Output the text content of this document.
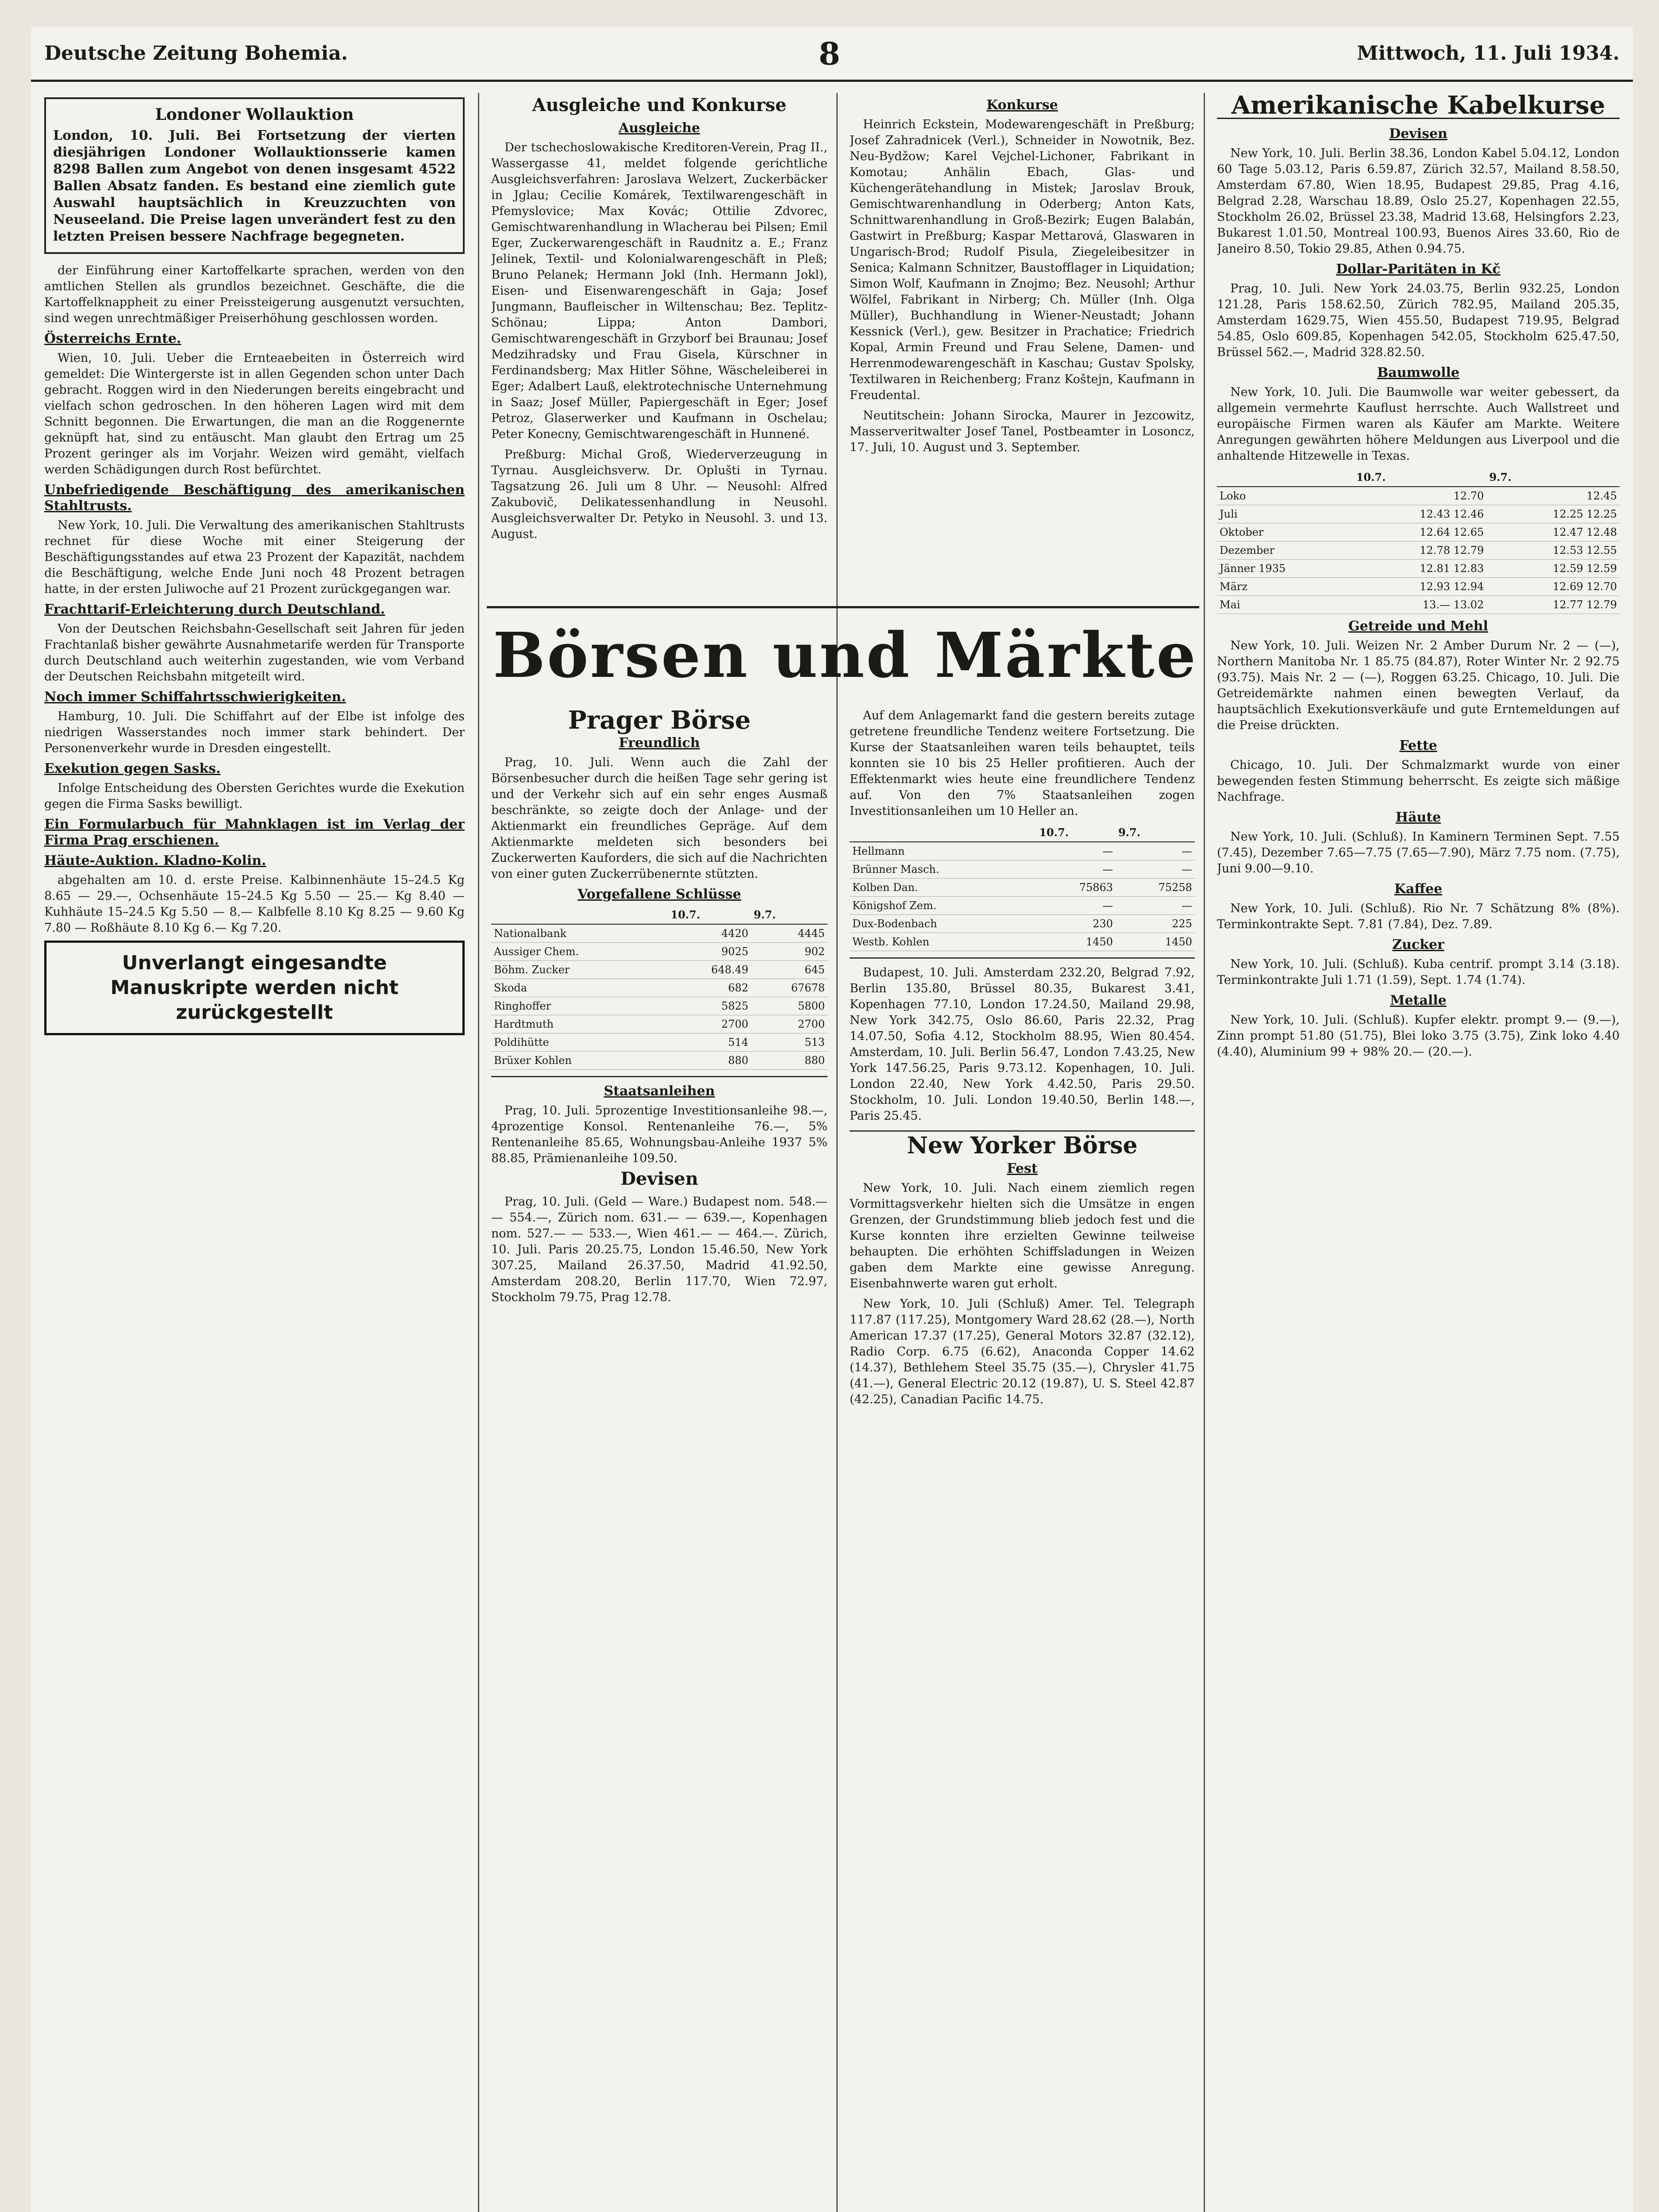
Deutsche Zeitung Bohemia.	8	Mittwoch, 11. Juli 1934.
Londoner Wollauktion
London, 10. Juli. Bei Fortsetzung der vierten diesjährigen Londoner Wollauktionsserie kamen 8298 Ballen zum Angebot von denen insgesamt 4522 Ballen Absatz fanden. Es bestand eine ziemlich gute Auswahl hauptsächlich in Kreuzzuchten von Neuseeland. Die Preise lagen unverändert fest zu den letzten Preisen bessere Nachfrage begegneten.

der Einführung einer Kartoffelkarte sprachen, werden von den amtlichen Stellen als grundlos bezeichnet. Geschäfte, die die Kartoffelknappheit zu einer Preissteigerung ausgenutzt versuchten, sind wegen unrechtmäßiger Preiserhöhung geschlossen worden.

Österreichs Ernte.

Wien, 10. Juli. Ueber die Ernteaebeiten in Österreich wird gemeldet: Die Wintergerste ist in allen Gegenden schon unter Dach gebracht. Roggen wird in den Niederungen bereits eingebracht und vielfach schon gedroschen. In den höheren Lagen wird mit dem Schnitt begonnen. Die Erwartungen, die man an die Roggenernte geknüpft hat, sind zu entäuscht. Man glaubt den Ertrag um 25 Prozent geringer als im Vorjahr. Weizen wird gemäht, vielfach werden Schädigungen durch Rost befürchtet.

Unbefriedigende Beschäftigung des amerikanischen Stahltrusts.

New York, 10. Juli. Die Verwaltung des amerikanischen Stahltrusts rechnet für diese Woche mit einer Steigerung der Beschäftigungsstandes auf etwa 23 Prozent der Kapazität, nachdem die Beschäftigung, welche Ende Juni noch 48 Prozent betragen hatte, in der ersten Juliwoche auf 21 Prozent zurückgegangen war.

Frachttarif-Erleichterung durch Deutschland.

Von der Deutschen Reichsbahn-Gesellschaft seit Jahren für jeden Frachtanlaß bisher gewährte Ausnahmetarife werden für Transporte durch Deutschland auch weiterhin zugestanden, wie vom Verband der Deutschen Reichsbahn mitgeteilt wird.

Noch immer Schiffahrtsschwierigkeiten.

Hamburg, 10. Juli. Die Schiffahrt auf der Elbe ist infolge des niedrigen Wasserstandes noch immer stark behindert. Der Personenverkehr wurde in Dresden eingestellt.

Exekution gegen Sasks.

Infolge Entscheidung des Obersten Gerichtes wurde die Exekution gegen die Firma Sasks bewilligt.

Ein Formularbuch für Mahnklagen ist im Verlag der Firma Prag erschienen.
Häute-Auktion. Kladno-Kolin.

abgehalten am 10. d. erste Preise. Kalbinnenhäute 15–24.5 Kg 8.65 — 29.—, Ochsenhäute 15–24.5 Kg 5.50 — 25.— Kg 8.40 — Kuhhäute 15–24.5 Kg 5.50 — 8.— Kalbfelle 8.10 Kg 8.25 — 9.60 Kg 7.80 — Roßhäute 8.10 Kg 6.— Kg 7.20.

Unverlangt eingesandte Manuskripte werden nicht zurückgestellt
Ausgleiche und Konkurse
Ausgleiche

Der tschechoslowakische Kreditoren-Verein, Prag II., Wassergasse 41, meldet folgende gerichtliche Ausgleichsverfahren: Jaroslava Welzert, Zuckerbäcker in Jglau; Cecilie Komárek, Textilwarengeschäft in Pfemyslovice; Max Kovác; Ottilie Zdvorec, Gemischtwarenhandlung in Wlacherau bei Pilsen; Emil Eger, Zuckerwarengeschäft in Raudnitz a. E.; Franz Jelinek, Textil- und Kolonialwarengeschäft in Pleß; Bruno Pelanek; Hermann Jokl (Inh. Hermann Jokl), Eisen- und Eisenwarengeschäft in Gaja; Josef Jungmann, Baufleischer in Wiltenschau; Bez. Teplitz-Schönau; Lippa; Anton Dambori, Gemischtwarengeschäft in Grzyborf bei Braunau; Josef Medzihradsky und Frau Gisela, Kürschner in Ferdinandsberg; Max Hitler Söhne, Wäscheleiberei in Eger; Adalbert Lauß, elektrotechnische Unternehmung in Saaz; Josef Müller, Papiergeschäft in Eger; Josef Petroz, Glaserwerker und Kaufmann in Oschelau; Peter Konecny, Gemischtwarengeschäft in Hunnené.

Preßburg: Michal Groß, Wiederverzeugung in Tyrnau. Ausgleichsverw. Dr. Oplušti in Tyrnau. Tagsatzung 26. Juli um 8 Uhr. — Neusohl: Alfred Zakubovič, Delikatessenhandlung in Neusohl. Ausgleichsverwalter Dr. Petyko in Neusohl. 3. und 13. August.

Konkurse

Heinrich Eckstein, Modewarengeschäft in Preßburg; Josef Zahradnicek (Verl.), Schneider in Nowotnik, Bez. Neu-Bydžow; Karel Vejchel-Lichoner, Fabrikant in Komotau; Anhälin Ebach, Glas- und Küchengerätehandlung in Mistek; Jaroslav Brouk, Gemischtwarenhandlung in Oderberg; Anton Kats, Schnittwarenhandlung in Groß-Bezirk; Eugen Balabán, Gastwirt in Preßburg; Kaspar Mettarová, Glaswaren in Ungarisch-Brod; Rudolf Pisula, Ziegeleibesitzer in Senica; Kalmann Schnitzer, Baustofflager in Liquidation; Simon Wolf, Kaufmann in Znojmo; Bez. Neusohl; Arthur Wölfel, Fabrikant in Nirberg; Ch. Müller (Inh. Olga Müller), Buchhandlung in Wiener-Neustadt; Johann Kessnick (Verl.), gew. Besitzer in Prachatice; Friedrich Kopal, Armin Freund und Frau Selene, Damen- und Herrenmodewarengeschäft in Kaschau; Gustav Spolsky, Textilwaren in Reichenberg; Franz Koštejn, Kaufmann in Freudental.

Neutitschein: Johann Sirocka, Maurer in Jezcowitz, Masserveritwalter Josef Tanel, Postbeamter in Losoncz, 17. Juli, 10. August und 3. September.

Amerikanische Kabelkurse
Devisen

New York, 10. Juli. Berlin 38.36, London Kabel 5.04.12, London 60 Tage 5.03.12, Paris 6.59.87, Zürich 32.57, Mailand 8.58.50, Amsterdam 67.80, Wien 18.95, Budapest 29.85, Prag 4.16, Belgrad 2.28, Warschau 18.89, Oslo 25.27, Kopenhagen 22.55, Stockholm 26.02, Brüssel 23.38, Madrid 13.68, Helsingfors 2.23, Bukarest 1.01.50, Montreal 100.93, Buenos Aires 33.60, Rio de Janeiro 8.50, Tokio 29.85, Athen 0.94.75.

Dollar-Paritäten in Kč

Prag, 10. Juli. New York 24.03.75, Berlin 932.25, London 121.28, Paris 158.62.50, Zürich 782.95, Mailand 205.35, Amsterdam 1629.75, Wien 455.50, Budapest 719.95, Belgrad 54.85, Oslo 609.85, Kopenhagen 542.05, Stockholm 625.47.50, Brüssel 562.—, Madrid 328.82.50.

Baumwolle

New York, 10. Juli. Die Baumwolle war weiter gebessert, da allgemein vermehrte Kauflust herrschte. Auch Wallstreet und europäische Firmen waren als Käufer am Markte. Weitere Anregungen gewährten höhere Meldungen aus Liverpool und die anhaltende Hitzewelle in Texas.

	10.7.	9.7.
Loko	12.70	12.45
Juli	12.43 12.46	12.25 12.25
Oktober	12.64 12.65	12.47 12.48
Dezember	12.78 12.79	12.53 12.55
Jänner 1935	12.81 12.83	12.59 12.59
März	12.93 12.94	12.69 12.70
Mai	13.— 13.02	12.77 12.79
Getreide und Mehl

New York, 10. Juli. Weizen Nr. 2 Amber Durum Nr. 2 — (—), Northern Manitoba Nr. 1 85.75 (84.87), Roter Winter Nr. 2 92.75 (93.75). Mais Nr. 2 — (—), Roggen 63.25. Chicago, 10. Juli. Die Getreidemärkte nahmen einen bewegten Verlauf, da hauptsächlich Exekutionsverkäufe und gute Erntemeldungen auf die Preise drückten.

Fette

Chicago, 10. Juli. Der Schmalzmarkt wurde von einer bewegenden festen Stimmung beherrscht. Es zeigte sich mäßige Nachfrage.

Häute

New York, 10. Juli. (Schluß). In Kaminern Terminen Sept. 7.55 (7.45), Dezember 7.65—7.75 (7.65—7.90), März 7.75 nom. (7.75), Juni 9.00—9.10.

Kaffee

New York, 10. Juli. (Schluß). Rio Nr. 7 Schätzung 8% (8%). Terminkontrakte Sept. 7.81 (7.84), Dez. 7.89.

Zucker

New York, 10. Juli. (Schluß). Kuba centrif. prompt 3.14 (3.18). Terminkontrakte Juli 1.71 (1.59), Sept. 1.74 (1.74).

Metalle

New York, 10. Juli. (Schluß). Kupfer elektr. prompt 9.— (9.—), Zinn prompt 51.80 (51.75), Blei loko 3.75 (3.75), Zink loko 4.40 (4.40), Aluminium 99 + 98% 20.— (20.—).

Börsen und Märkte
Prager Börse
Freundlich

Prag, 10. Juli. Wenn auch die Zahl der Börsenbesucher durch die heißen Tage sehr gering ist und der Verkehr sich auf ein sehr enges Ausmaß beschränkte, so zeigte doch der Anlage- und der Aktienmarkt ein freundliches Gepräge. Auf dem Aktienmarkte meldeten sich besonders bei Zuckerwerten Kauforders, die sich auf die Nachrichten von einer guten Zuckerrübenernte stützten.

Vorgefallene Schlüsse
	10.7.	9.7.
Nationalbank	4420	4445
Aussiger Chem.	9025	902
Böhm. Zucker	648.49	645
Skoda	682	67678
Ringhoffer	5825	5800
Hardtmuth	2700	2700
Poldihütte	514	513
Brüxer Kohlen	880	880
Staatsanleihen

Prag, 10. Juli. 5prozentige Investitionsanleihe 98.—, 4prozentige Konsol. Rentenanleihe 76.—, 5% Rentenanleihe 85.65, Wohnungsbau-Anleihe 1937 5% 88.85, Prämienanleihe 109.50.

Devisen

Prag, 10. Juli. (Geld — Ware.) Budapest nom. 548.— — 554.—, Zürich nom. 631.— — 639.—, Kopenhagen nom. 527.— — 533.—, Wien 461.— — 464.—. Zürich, 10. Juli. Paris 20.25.75, London 15.46.50, New York 307.25, Mailand 26.37.50, Madrid 41.92.50, Amsterdam 208.20, Berlin 117.70, Wien 72.97, Stockholm 79.75, Prag 12.78.

Auf dem Anlagemarkt fand die gestern bereits zutage getretene freundliche Tendenz weitere Fortsetzung. Die Kurse der Staatsanleihen waren teils behauptet, teils konnten sie 10 bis 25 Heller profitieren. Auch der Effektenmarkt wies heute eine freundlichere Tendenz auf. Von den 7% Staatsanleihen zogen Investitionsanleihen um 10 Heller an.

	10.7.	9.7.
Hellmann	—	—
Brünner Masch.	—	—
Kolben Dan.	75863	75258
Königshof Zem.	—	—
Dux-Bodenbach	230	225
Westb. Kohlen	1450	1450

Budapest, 10. Juli. Amsterdam 232.20, Belgrad 7.92, Berlin 135.80, Brüssel 80.35, Bukarest 3.41, Kopenhagen 77.10, London 17.24.50, Mailand 29.98, New York 342.75, Oslo 86.60, Paris 22.32, Prag 14.07.50, Sofia 4.12, Stockholm 88.95, Wien 80.454. Amsterdam, 10. Juli. Berlin 56.47, London 7.43.25, New York 147.56.25, Paris 9.73.12. Kopenhagen, 10. Juli. London 22.40, New York 4.42.50, Paris 29.50. Stockholm, 10. Juli. London 19.40.50, Berlin 148.—, Paris 25.45.

New Yorker Börse
Fest

New York, 10. Juli. Nach einem ziemlich regen Vormittagsverkehr hielten sich die Umsätze in engen Grenzen, der Grundstimmung blieb jedoch fest und die Kurse konnten ihre erzielten Gewinne teilweise behaupten. Die erhöhten Schiffsladungen in Weizen gaben dem Markte eine gewisse Anregung. Eisenbahnwerte waren gut erholt.

New York, 10. Juli (Schluß) Amer. Tel. Telegraph 117.87 (117.25), Montgomery Ward 28.62 (28.—), North American 17.37 (17.25), General Motors 32.87 (32.12), Radio Corp. 6.75 (6.62), Anaconda Copper 14.62 (14.37), Bethlehem Steel 35.75 (35.—), Chrysler 41.75 (41.—), General Electric 20.12 (19.87), U. S. Steel 42.87 (42.25), Canadian Pacific 14.75.
